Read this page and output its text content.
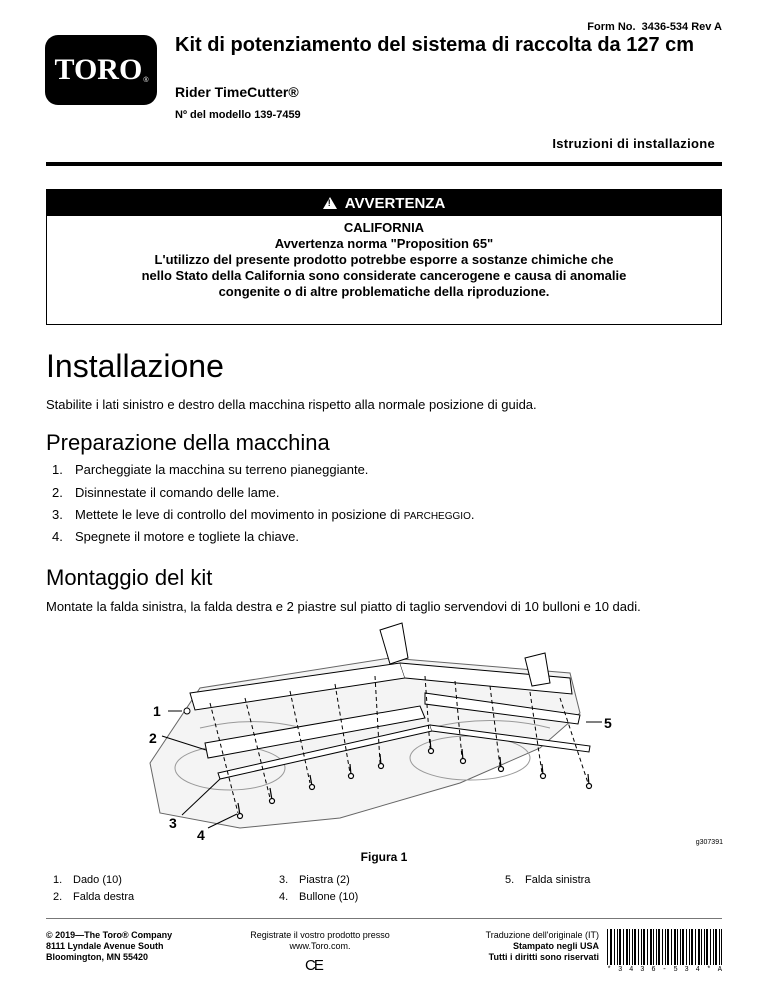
Form No.  3436-534 Rev A
TORO ®
Kit di potenziamento del sistema di raccolta da 127 cm
Rider TimeCutter®
Nº del modello 139-7459
Istruzioni di installazione
! AVVERTENZA
CALIFORNIA
Avvertenza norma "Proposition 65"
L'utilizzo del presente prodotto potrebbe esporre a sostanze chimiche che
nello Stato della California sono considerate cancerogene e causa di anomalie
congenite o di altre problematiche della riproduzione.
Installazione
Stabilite i lati sinistro e destro della macchina rispetto alla normale posizione di guida.
Preparazione della macchina
1. Parcheggiate la macchina su terreno pianeggiante.
2. Disinnestate il comando delle lame.
3. Mettete le leve di controllo del movimento in posizione di PARCHEGGIO.
4. Spegnete il motore e togliete la chiave.
Montaggio del kit
Montate la falda sinistra, la falda destra e 2 piastre sul piatto di taglio servendovi di 10 bulloni e 10 dadi.
1
2
3
4
5
g307391
Figura 1
1. Dado (10)
2. Falda destra
3. Piastra (2)
4. Bullone (10)
5. Falda sinistra
© 2019—The Toro® Company
8111 Lyndale Avenue South
Bloomington, MN 55420
Registrate il vostro prodotto presso
www.Toro.com.
CE
Traduzione dell'originale (IT)
Stampato negli USA
Tutti i diritti sono riservati
* 3 4 3 6 - 5 3 4 * A
